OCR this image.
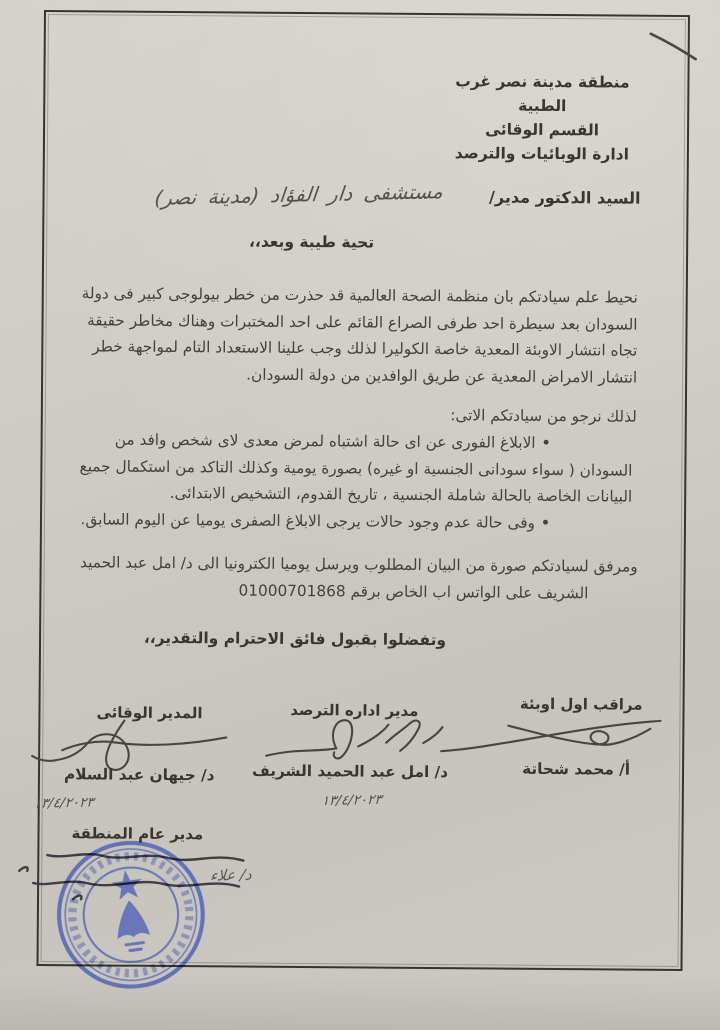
منطقة مدينة نصر غرب الطبية
القسم الوقائى
ادارة الوبائيات والترصد
السيد الدكتور مدير/
مستشفى دار الفؤاد (مدينة نصر)
تحية طيبة وبعد،،
نحيط علم سيادتكم بان منظمة الصحة العالمية قد حذرت من خطر بيولوجى كبير فى دولة السودان بعد سيطرة احد طرفى الصراع القائم على احد المختبرات وهناك مخاطر حقيقة تجاه انتشار الاوبئة المعدية خاصة الكوليرا لذلك وجب علينا الاستعداد التام لمواجهة خطر انتشار الامراض المعدية عن طريق الوافدين من دولة السودان.
لذلك نرجو من سيادتكم الاتى:
•الابلاغ الفورى عن اى حالة اشتباه لمرض معدى لاى شخص وافد من السودان ( سواء سودانى الجنسية او غيره) بصورة يومية وكذلك التاكد من استكمال جميع البيانات الخاصة بالحالة شاملة الجنسية ، تاريخ القدوم، التشخيص الابتدائى.
•وفى حالة عدم وجود حالات يرجى الابلاغ الصفرى يوميا عن اليوم السابق.
ومرفق لسيادتكم صورة من البيان المطلوب ويرسل يوميا الكترونيا الى د/ امل عبد الحميد
الشريف على الواتس اب الخاص برقم 01000701868
وتفضلوا بقبول فائق الاحترام والتقدير،،
مراقب اول اوبئة
أ/ محمد شحاتة
مدير اداره الترصد
د/ امل عبد الحميد الشريف
١٣/٤/٢٠٢٣
المدير الوقائى
د/ جيهان عبد السلام
١٣/٤/٢٠٢٣
مدير عام المنطقة
د/ علاء
